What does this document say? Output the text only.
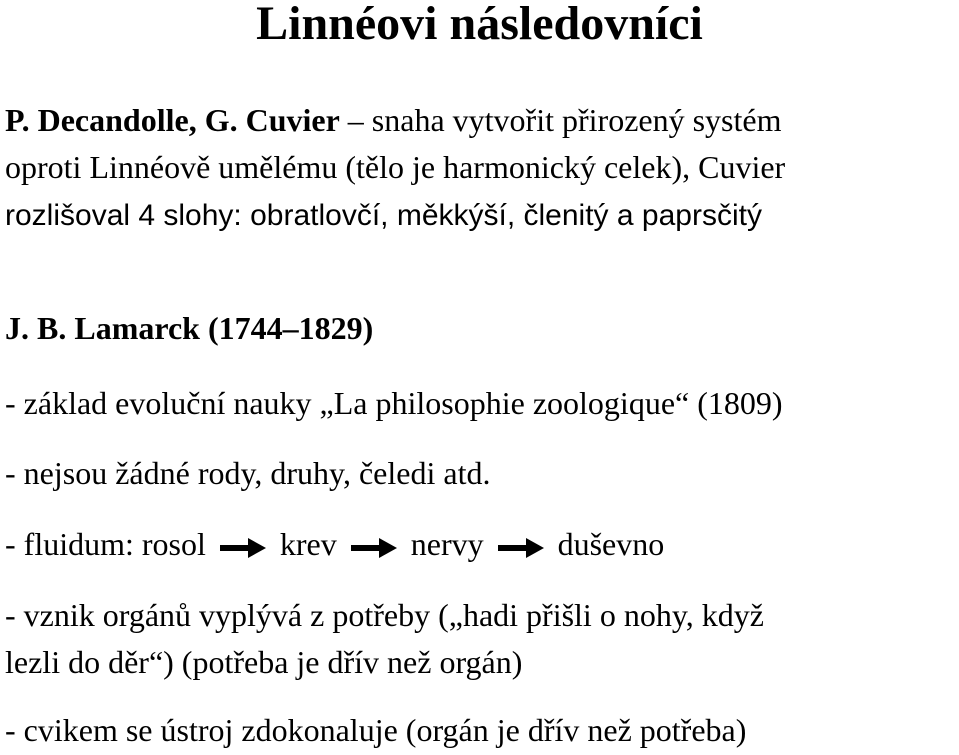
Linnéovi následovníci
P. Decandolle, G. Cuvier – snaha vytvořit přirozený systém
oproti Linnéově umělému (tělo je harmonický celek), Cuvier
rozlišoval 4 slohy: obratlovčí, měkkýší, členitý a paprsčitý
J. B. Lamarck (1744–1829)
- základ evoluční nauky „La philosophie zoologique“ (1809)
- nejsou žádné rody, druhy, čeledi atd.
- fluidum: rosol krev nervy duševno
- vznik orgánů vyplývá z potřeby („hadi přišli o nohy, když
lezli do děr“) (potřeba je dřív než orgán)
- cvikem se ústroj zdokonaluje (orgán je dřív než potřeba)
